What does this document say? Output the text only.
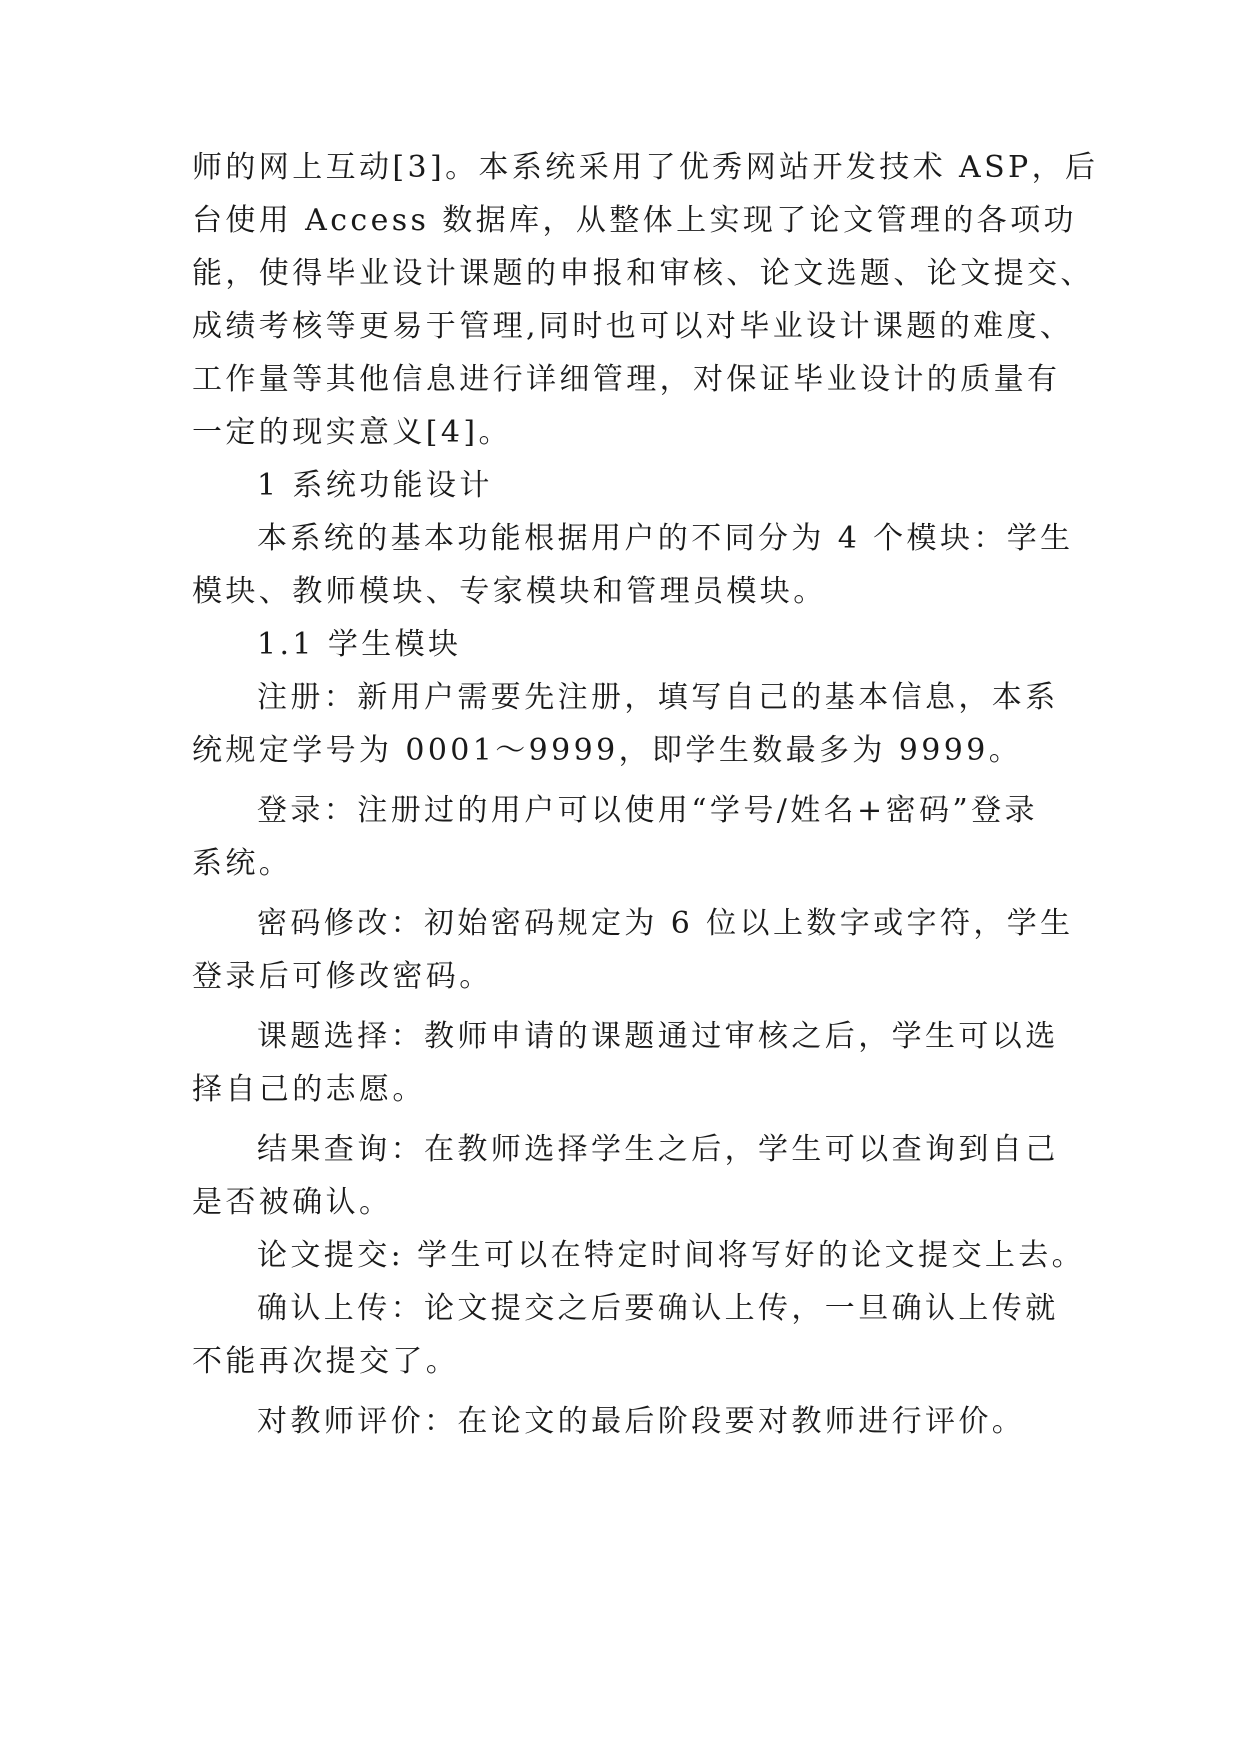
师的网上互动[3]。本系统采用了优秀网站开发技术 ASP，后
台使用 Access 数据库，从整体上实现了论文管理的各项功
能，使得毕业设计课题的申报和审核、论文选题、论文提交、
成绩考核等更易于管理,同时也可以对毕业设计课题的难度、
工作量等其他信息进行详细管理，对保证毕业设计的质量有
一定的现实意义[4]。
1 系统功能设计
本系统的基本功能根据用户的不同分为 4 个模块：学生
模块、教师模块、专家模块和管理员模块。
1.1 学生模块
注册：新用户需要先注册，填写自己的基本信息，本系
统规定学号为 0001～9999，即学生数最多为 9999。
登录：注册过的用户可以使用“学号/姓名+密码”登录
系统。
密码修改：初始密码规定为 6 位以上数字或字符，学生
登录后可修改密码。
课题选择：教师申请的课题通过审核之后，学生可以选
择自己的志愿。
结果查询：在教师选择学生之后，学生可以查询到自己
是否被确认。
论文提交: 学生可以在特定时间将写好的论文提交上去。
确认上传：论文提交之后要确认上传，一旦确认上传就
不能再次提交了。
对教师评价：在论文的最后阶段要对教师进行评价。
